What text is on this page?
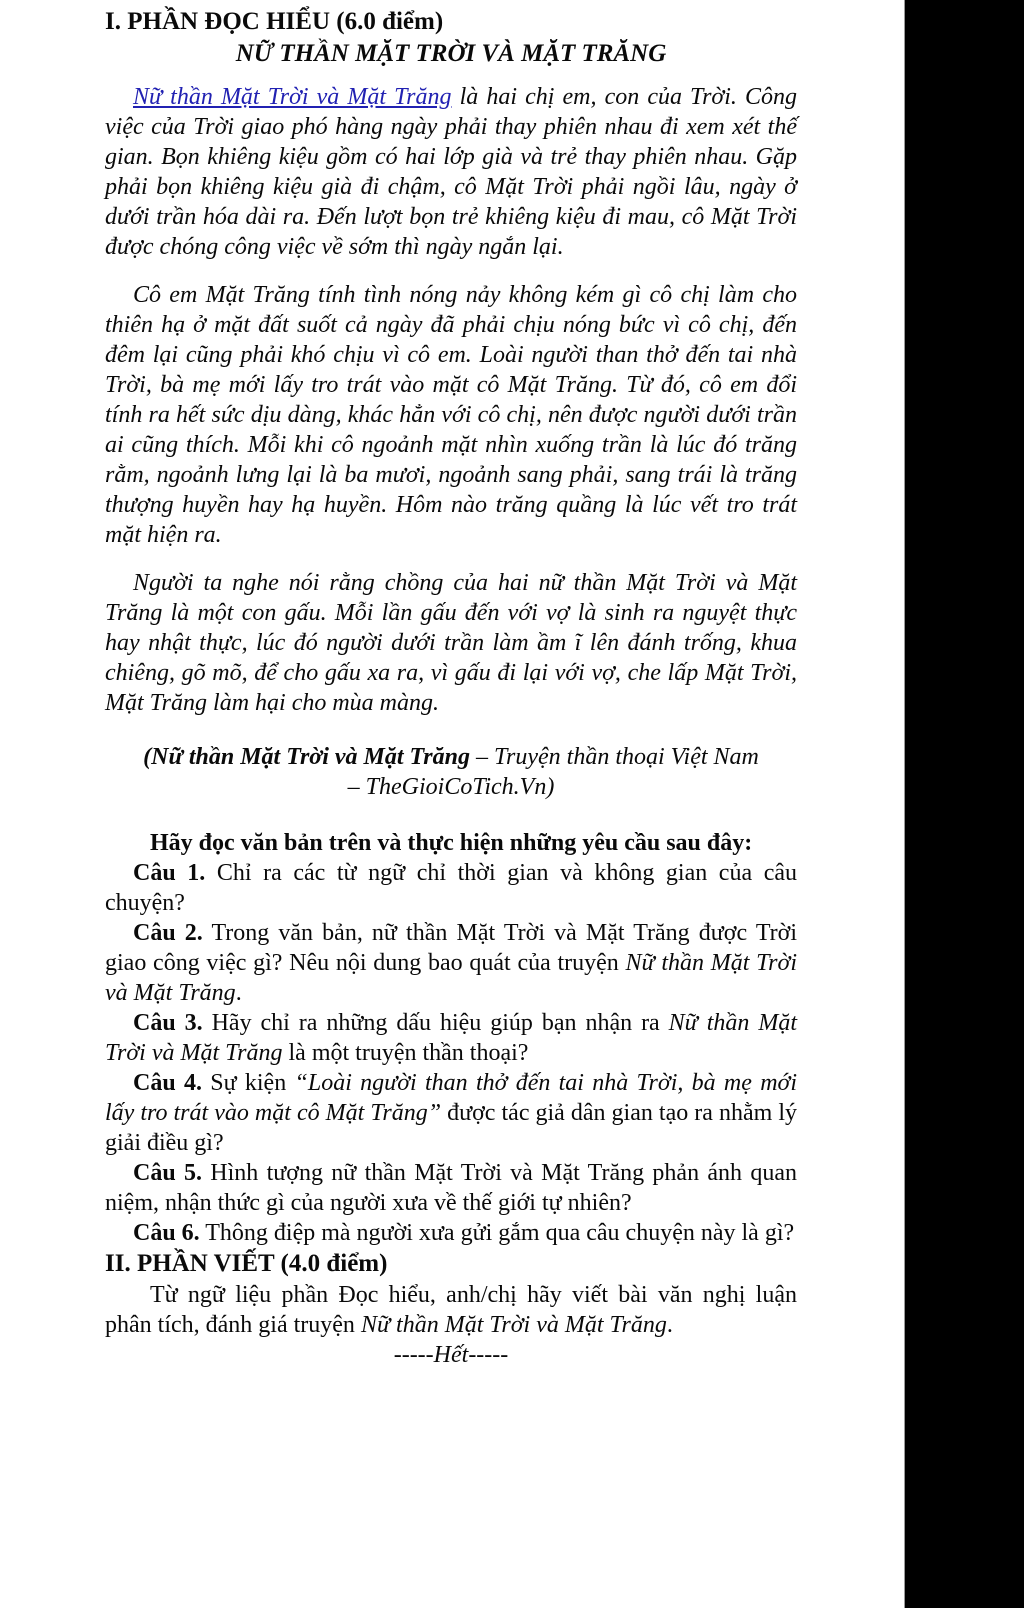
I. PHẦN ĐỌC HIỂU (6.0 điểm)
NỮ THẦN MẶT TRỜI VÀ MẶT TRĂNG

Nữ thần Mặt Trời và Mặt Trăng là hai chị em, con của Trời. Công việc của Trời giao phó hàng ngày phải thay phiên nhau đi xem xét thế gian. Bọn khiêng kiệu gồm có hai lớp già và trẻ thay phiên nhau. Gặp phải bọn khiêng kiệu già đi chậm, cô Mặt Trời phải ngồi lâu, ngày ở dưới trần hóa dài ra. Đến lượt bọn trẻ khiêng kiệu đi mau, cô Mặt Trời được chóng công việc về sớm thì ngày ngắn lại.

Cô em Mặt Trăng tính tình nóng nảy không kém gì cô chị làm cho thiên hạ ở mặt đất suốt cả ngày đã phải chịu nóng bức vì cô chị, đến đêm lại cũng phải khó chịu vì cô em. Loài người than thở đến tai nhà Trời, bà mẹ mới lấy tro trát vào mặt cô Mặt Trăng. Từ đó, cô em đổi tính ra hết sức dịu dàng, khác hẳn với cô chị, nên được người dưới trần ai cũng thích. Mỗi khi cô ngoảnh mặt nhìn xuống trần là lúc đó trăng rằm, ngoảnh lưng lại là ba mươi, ngoảnh sang phải, sang trái là trăng thượng huyền hay hạ huyền. Hôm nào trăng quầng là lúc vết tro trát mặt hiện ra.

Người ta nghe nói rằng chồng của hai nữ thần Mặt Trời và Mặt Trăng là một con gấu. Mỗi lần gấu đến với vợ là sinh ra nguyệt thực hay nhật thực, lúc đó người dưới trần làm ầm ĩ lên đánh trống, khua chiêng, gõ mõ, để cho gấu xa ra, vì gấu đi lại với vợ, che lấp Mặt Trời, Mặt Trăng làm hại cho mùa màng.

(Nữ thần Mặt Trời và Mặt Trăng – Truyện thần thoại Việt Nam
– TheGioiCoTich.Vn)

Hãy đọc văn bản trên và thực hiện những yêu cầu sau đây:

Câu 1. Chỉ ra các từ ngữ chỉ thời gian và không gian của câu chuyện?

Câu 2. Trong văn bản, nữ thần Mặt Trời và Mặt Trăng được Trời giao công việc gì? Nêu nội dung bao quát của truyện Nữ thần Mặt Trời và Mặt Trăng.

Câu 3. Hãy chỉ ra những dấu hiệu giúp bạn nhận ra Nữ thần Mặt Trời và Mặt Trăng là một truyện thần thoại?

Câu 4. Sự kiện “Loài người than thở đến tai nhà Trời, bà mẹ mới lấy tro trát vào mặt cô Mặt Trăng” được tác giả dân gian tạo ra nhằm lý giải điều gì?

Câu 5. Hình tượng nữ thần Mặt Trời và Mặt Trăng phản ánh quan niệm, nhận thức gì của người xưa về thế giới tự nhiên?

Câu 6. Thông điệp mà người xưa gửi gắm qua câu chuyện này là gì?

II. PHẦN VIẾT (4.0 điểm)

Từ ngữ liệu phần Đọc hiểu, anh/chị hãy viết bài văn nghị luận phân tích, đánh giá truyện Nữ thần Mặt Trời và Mặt Trăng.

-----Hết-----
